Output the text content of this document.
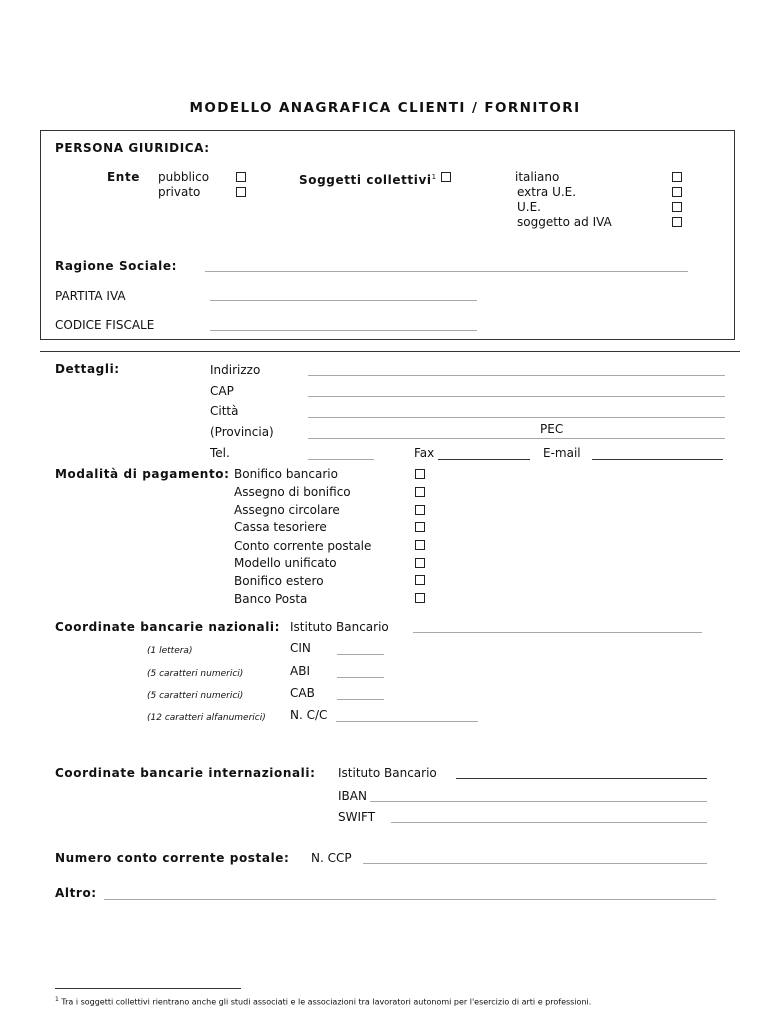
MODELLO ANAGRAFICA CLIENTI / FORNITORI
PERSONA GIURIDICA:
Ente pubblico
privato
Soggetti collettivi$^1$	italiano
extra U.E.
U.E.
soggetto ad IVA
Ragione Sociale:
PARTITA IVA
CODICE FISCALE
Dettagli:	Indirizzo
CAP
Città
(Provincia)	PEC
Tel.	Fax	E-mail
Modalità di pagamento: Bonifico bancario
Assegno di bonifico
Assegno circolare
Cassa tesoriere
Conto corrente postale
Modello unificato
Bonifico estero
Banco Posta
Coordinate bancarie nazionali: Istituto Bancario
(1 lettera)	CIN
(5 caratteri numerici)	ABI
(5 caratteri numerici)	CAB
(12 caratteri alfanumerici) N. C/C
Coordinate bancarie internazionali: Istituto Bancario
IBAN
SWIFT
Numero conto corrente postale: N. CCP
Altro:
$^1$ Tra i soggetti collettivi rientrano anche gli studi associati e le associazioni tra lavoratori autonomi per l'esercizio di arti e professioni.
